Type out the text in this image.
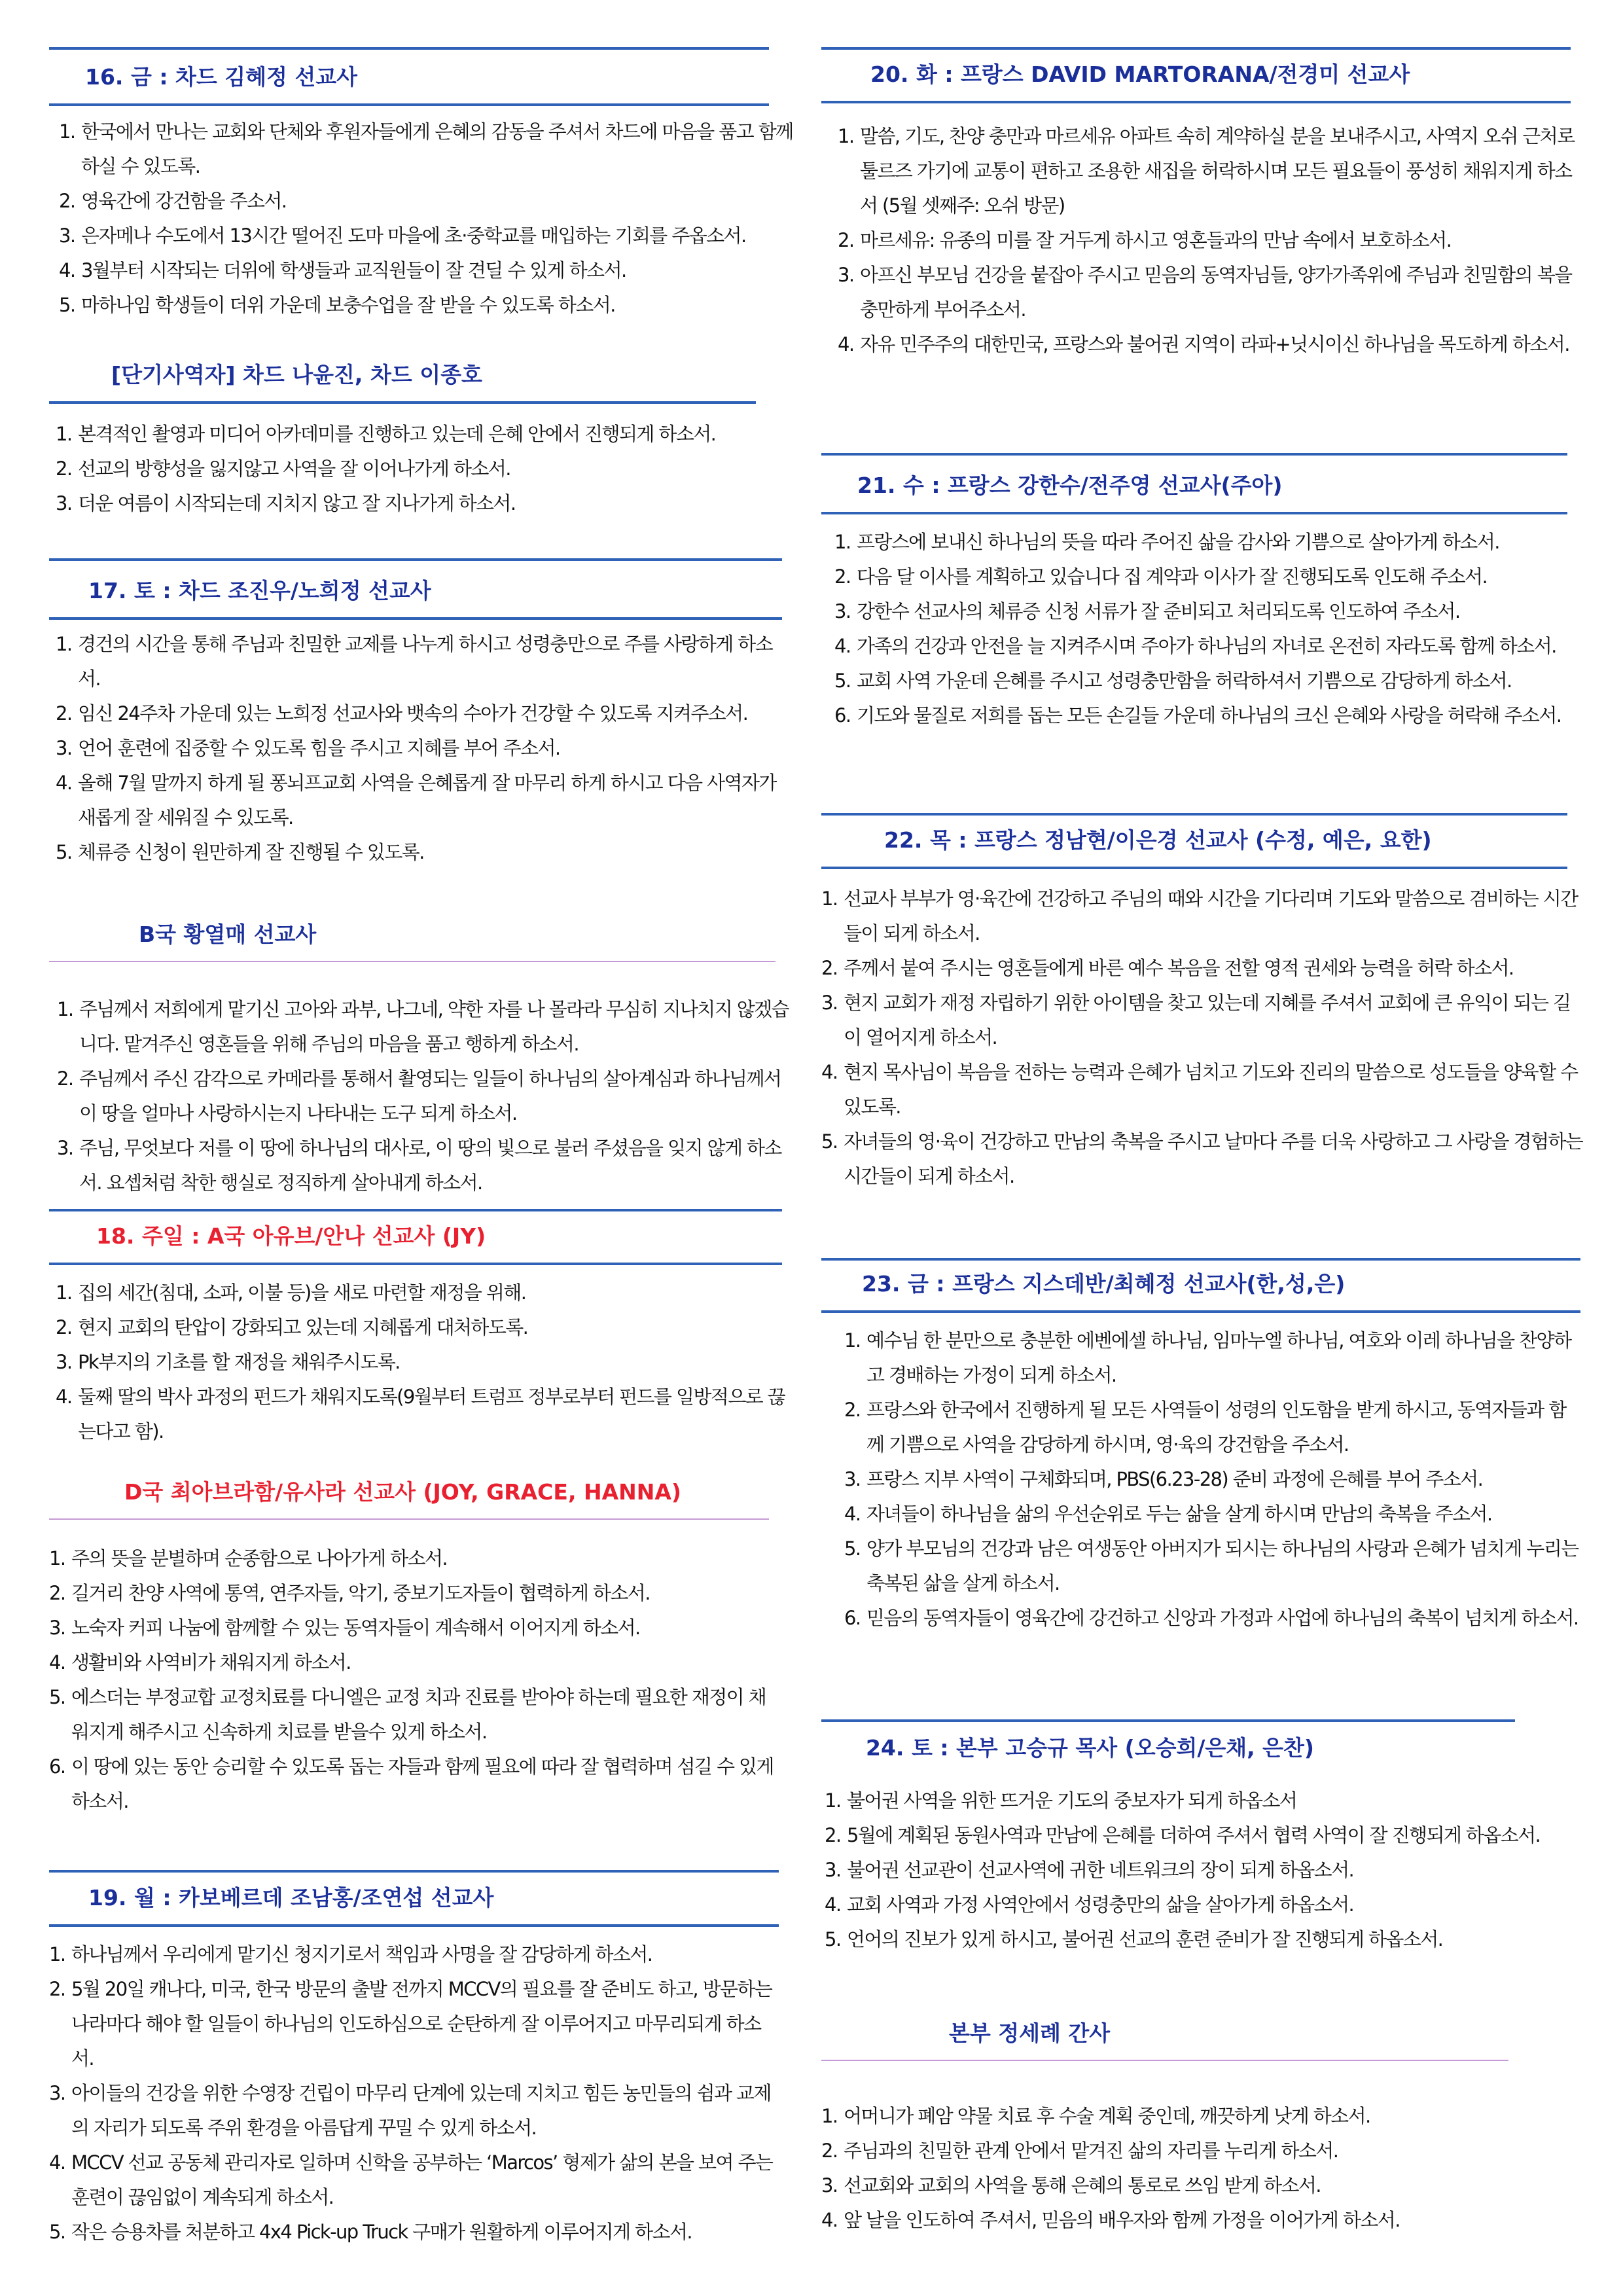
16. 금 : 차드 김혜정 선교사
1. 한국에서 만나는 교회와 단체와 후원자들에게 은혜의 감동을 주셔서 차드에 마음을 품고 함께 하실 수 있도록.
2. 영육간에 강건함을 주소서.
3. 은자메나 수도에서 13시간 떨어진 도마 마을에 초·중학교를 매입하는 기회를 주옵소서.
4. 3월부터 시작되는 더위에 학생들과 교직원들이 잘 견딜 수 있게 하소서.
5. 마하나임 학생들이 더위 가운데 보충수업을 잘 받을 수 있도록 하소서.
[단기사역자] 차드 나윤진, 차드 이종호
1. 본격적인 촬영과 미디어 아카데미를 진행하고 있는데 은혜 안에서 진행되게 하소서.
2. 선교의 방향성을 잃지않고 사역을 잘 이어나가게 하소서.
3. 더운 여름이 시작되는데 지치지 않고 잘 지나가게 하소서.
17. 토 : 차드 조진우/노희정 선교사
1. 경건의 시간을 통해 주님과 친밀한 교제를 나누게 하시고 성령충만으로 주를 사랑하게 하소서.
2. 임신 24주차 가운데 있는 노희정 선교사와 뱃속의 수아가 건강할 수 있도록 지켜주소서.
3. 언어 훈련에 집중할 수 있도록 힘을 주시고 지혜를 부어 주소서.
4. 올해 7월 말까지 하게 될 퐁뇌프교회 사역을 은혜롭게 잘 마무리 하게 하시고 다음 사역자가 새롭게 잘 세워질 수 있도록.
5. 체류증 신청이 원만하게 잘 진행될 수 있도록.
B국 황열매 선교사
1. 주님께서 저희에게 맡기신 고아와 과부, 나그네, 약한 자를 나 몰라라 무심히 지나치지 않겠습니다. 맡겨주신 영혼들을 위해 주님의 마음을 품고 행하게 하소서.
2. 주님께서 주신 감각으로 카메라를 통해서 촬영되는 일들이 하나님의 살아계심과 하나님께서 이 땅을 얼마나 사랑하시는지 나타내는 도구 되게 하소서.
3. 주님, 무엇보다 저를 이 땅에 하나님의 대사로, 이 땅의 빛으로 불러 주셨음을 잊지 않게 하소서. 요셉처럼 착한 행실로 정직하게 살아내게 하소서.
18. 주일 : A국 아유브/안나 선교사 (JY)
1. 집의 세간(침대, 소파, 이불 등)을 새로 마련할 재정을 위해.
2. 현지 교회의 탄압이 강화되고 있는데 지혜롭게 대처하도록.
3. Pk부지의 기초를 할 재정을 채워주시도록.
4. 둘째 딸의 박사 과정의 펀드가 채워지도록(9월부터 트럼프 정부로부터 펀드를 일방적으로 끊는다고 함).
D국 최아브라함/유사라 선교사 (JOY, GRACE, HANNA)
1. 주의 뜻을 분별하며 순종함으로 나아가게 하소서.
2. 길거리 찬양 사역에 통역, 연주자들, 악기, 중보기도자들이 협력하게 하소서.
3. 노숙자 커피 나눔에 함께할 수 있는 동역자들이 계속해서 이어지게 하소서.
4. 생활비와 사역비가 채워지게 하소서.
5. 에스더는 부정교합 교정치료를 다니엘은 교정 치과 진료를 받아야 하는데 필요한 재정이 채워지게 해주시고 신속하게 치료를 받을수 있게 하소서.
6. 이 땅에 있는 동안 승리할 수 있도록 돕는 자들과 함께 필요에 따라 잘 협력하며 섬길 수 있게 하소서.
19. 월 : 카보베르데 조남홍/조연섭 선교사
1. 하나님께서 우리에게 맡기신 청지기로서 책임과 사명을 잘 감당하게 하소서.
2. 5월 20일 캐나다, 미국, 한국 방문의 출발 전까지 MCCV의 필요를 잘 준비도 하고, 방문하는 나라마다 해야 할 일들이 하나님의 인도하심으로 순탄하게 잘 이루어지고 마무리되게 하소서.
3. 아이들의 건강을 위한 수영장 건립이 마무리 단계에 있는데 지치고 힘든 농민들의 쉼과 교제의 자리가 되도록 주위 환경을 아름답게 꾸밀 수 있게 하소서.
4. MCCV 선교 공동체 관리자로 일하며 신학을 공부하는 ‘Marcos’ 형제가 삶의 본을 보여 주는 훈련이 끊임없이 계속되게 하소서.
5. 작은 승용차를 처분하고 4x4 Pick-up Truck 구매가 원활하게 이루어지게 하소서.
20. 화 : 프랑스 DAVID MARTORANA/전경미 선교사
1. 말씀, 기도, 찬양 충만과 마르세유 아파트 속히 계약하실 분을 보내주시고, 사역지 오쉬 근처로 툴르즈 가기에 교통이 편하고 조용한 새집을 허락하시며 모든 필요들이 풍성히 채워지게 하소서 (5월 셋째주: 오쉬 방문)
2. 마르세유: 유종의 미를 잘 거두게 하시고 영혼들과의 만남 속에서 보호하소서.
3. 아프신 부모님 건강을 붙잡아 주시고 믿음의 동역자님들, 양가가족위에 주님과 친밀함의 복을 충만하게 부어주소서.
4. 자유 민주주의 대한민국, 프랑스와 불어권 지역이 라파+닛시이신 하나님을 목도하게 하소서.
21. 수 : 프랑스 강한수/전주영 선교사(주아)
1. 프랑스에 보내신 하나님의 뜻을 따라 주어진 삶을 감사와 기쁨으로 살아가게 하소서.
2. 다음 달 이사를 계획하고 있습니다 집 계약과 이사가 잘 진행되도록 인도해 주소서.
3. 강한수 선교사의 체류증 신청 서류가 잘 준비되고 처리되도록 인도하여 주소서.
4. 가족의 건강과 안전을 늘 지켜주시며 주아가 하나님의 자녀로 온전히 자라도록 함께 하소서.
5. 교회 사역 가운데 은혜를 주시고 성령충만함을 허락하셔서 기쁨으로 감당하게 하소서.
6. 기도와 물질로 저희를 돕는 모든 손길들 가운데 하나님의 크신 은혜와 사랑을 허락해 주소서.
22. 목 : 프랑스 정남현/이은경 선교사 (수정, 예은, 요한)
1. 선교사 부부가 영·육간에 건강하고 주님의 때와 시간을 기다리며 기도와 말씀으로 겸비하는 시간들이 되게 하소서.
2. 주께서 붙여 주시는 영혼들에게 바른 예수 복음을 전할 영적 권세와 능력을 허락 하소서.
3. 현지 교회가 재정 자립하기 위한 아이템을 찾고 있는데 지혜를 주셔서 교회에 큰 유익이 되는 길이 열어지게 하소서.
4. 현지 목사님이 복음을 전하는 능력과 은혜가 넘치고 기도와 진리의 말씀으로 성도들을 양육할 수 있도록.
5. 자녀들의 영·육이 건강하고 만남의 축복을 주시고 날마다 주를 더욱 사랑하고 그 사랑을 경험하는 시간들이 되게 하소서.
23. 금 : 프랑스 지스데반/최혜정 선교사(한,성,은)
1. 예수님 한 분만으로 충분한 에벤에셀 하나님, 임마누엘 하나님, 여호와 이레 하나님을 찬양하고 경배하는 가정이 되게 하소서.
2. 프랑스와 한국에서 진행하게 될 모든 사역들이 성령의 인도함을 받게 하시고, 동역자들과 함께 기쁨으로 사역을 감당하게 하시며, 영·육의 강건함을 주소서.
3. 프랑스 지부 사역이 구체화되며, PBS(6.23-28) 준비 과정에 은혜를 부어 주소서.
4. 자녀들이 하나님을 삶의 우선순위로 두는 삶을 살게 하시며 만남의 축복을 주소서.
5. 양가 부모님의 건강과 남은 여생동안 아버지가 되시는 하나님의 사랑과 은혜가 넘치게 누리는 축복된 삶을 살게 하소서.
6. 믿음의 동역자들이 영육간에 강건하고 신앙과 가정과 사업에 하나님의 축복이 넘치게 하소서.
24. 토 : 본부 고승규 목사 (오승희/은채, 은찬)
1. 불어권 사역을 위한 뜨거운 기도의 중보자가 되게 하옵소서
2. 5월에 계획된 동원사역과 만남에 은혜를 더하여 주셔서 협력 사역이 잘 진행되게 하옵소서.
3. 불어권 선교관이 선교사역에 귀한 네트워크의 장이 되게 하옵소서.
4. 교회 사역과 가정 사역안에서 성령충만의 삶을 살아가게 하옵소서.
5. 언어의 진보가 있게 하시고, 불어권 선교의 훈련 준비가 잘 진행되게 하옵소서.
본부 정세례 간사
1. 어머니가 폐암 약물 치료 후 수술 계획 중인데, 깨끗하게 낫게 하소서.
2. 주님과의 친밀한 관계 안에서 맡겨진 삶의 자리를 누리게 하소서.
3. 선교회와 교회의 사역을 통해 은혜의 통로로 쓰임 받게 하소서.
4. 앞 날을 인도하여 주셔서, 믿음의 배우자와 함께 가정을 이어가게 하소서.
